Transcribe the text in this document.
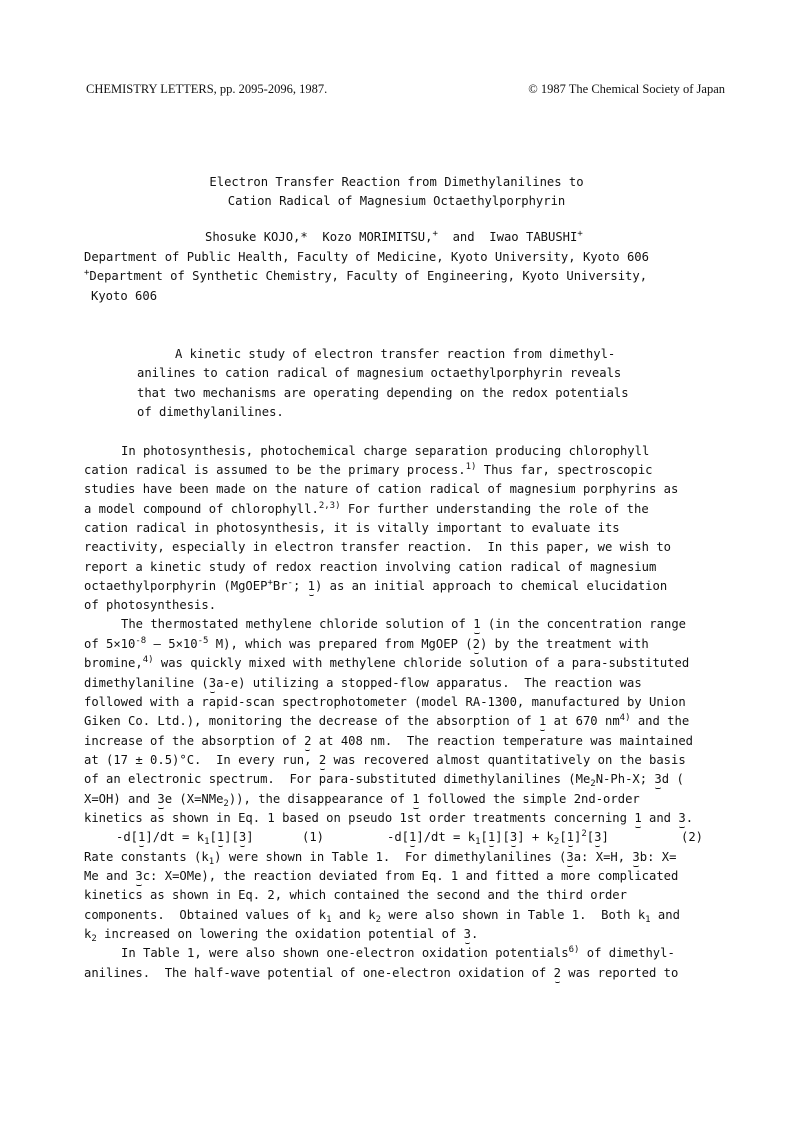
CHEMISTRY LETTERS, pp. 2095-2096, 1987.	© 1987 The Chemical Society of Japan
Electron Transfer Reaction from Dimethylanilines to
Cation Radical of Magnesium Octaethylporphyrin
Shosuke KOJO,* Kozo MORIMITSU,+ and Iwao TABUSHI+
Department of Public Health, Faculty of Medicine, Kyoto University, Kyoto 606
+Department of Synthetic Chemistry, Faculty of Engineering, Kyoto University,
Kyoto 606
A kinetic study of electron transfer reaction from dimethyl-
anilines to cation radical of magnesium octaethylporphyrin reveals
that two mechanisms are operating depending on the redox potentials
of dimethylanilines.
In photosynthesis, photochemical charge separation producing chlorophyll
cation radical is assumed to be the primary process.$^{1)}$ Thus far, spectroscopic
studies have been made on the nature of cation radical of magnesium porphyrins as
a model compound of chlorophyll.$^{2,3)}$ For further understanding the role of the
cation radical in photosynthesis, it is vitally important to evaluate its
reactivity, especially in electron transfer reaction.  In this paper, we wish to
report a kinetic study of redox reaction involving cation radical of magnesium
octaethylporphyrin (MgOEP+Br-; 1) as an initial approach to chemical elucidation
of photosynthesis.
The thermostated methylene chloride solution of 1 (in the concentration range
of $5\times 10^{-8}$ — $5\times 10^{-5}$ M), which was prepared from MgOEP (2) by the treatment with
bromine,$^{4)}$ was quickly mixed with methylene chloride solution of a para-substituted
dimethylaniline (3a-e) utilizing a stopped-flow apparatus.  The reaction was
followed with a rapid-scan spectrophotometer (model RA-1300, manufactured by Union
Giken Co. Ltd.), monitoring the decrease of the absorption of 1 at 670 $nm^{4)}$ and the
increase of the absorption of 2 at 408 nm.  The reaction temperature was maintained
at (17 ± 0.5)°C.  In every run, 2 was recovered almost quantitatively on the basis
of an electronic spectrum.  For para-substituted dimethylanilines ($Me_2N-Ph-X$; 3d (
X=OH) and 3e (X=NMe$_2$)), the disappearance of 1 followed the simple 2nd-order
kinetics as shown in Eq. 1 based on pseudo 1st order treatments concerning 1 and 3.
$-d[1]/dt = k_1[1][3]$	(1)	$-d[1]/dt = k_1[1][3] + k_2[1]^2[3]$	(2)
Rate constants $(k_1)$ were shown in Table 1.  For dimethylanilines (3a: X=H, 3b: X=
Me and 3c: X=OMe), the reaction deviated from Eq. 1 and fitted a more complicated
kinetics as shown in Eq. 2, which contained the second and the third order
components.  Obtained values of $k_1$ and $k_2$ were also shown in Table 1.  Both $k_1$ and
$k_2$ increased on lowering the oxidation potential of 3.
In Table 1, were also shown one-electron oxidation potentials$^{6)}$ of dimethyl-
anilines.  The half-wave potential of one-electron oxidation of 2 was reported to
